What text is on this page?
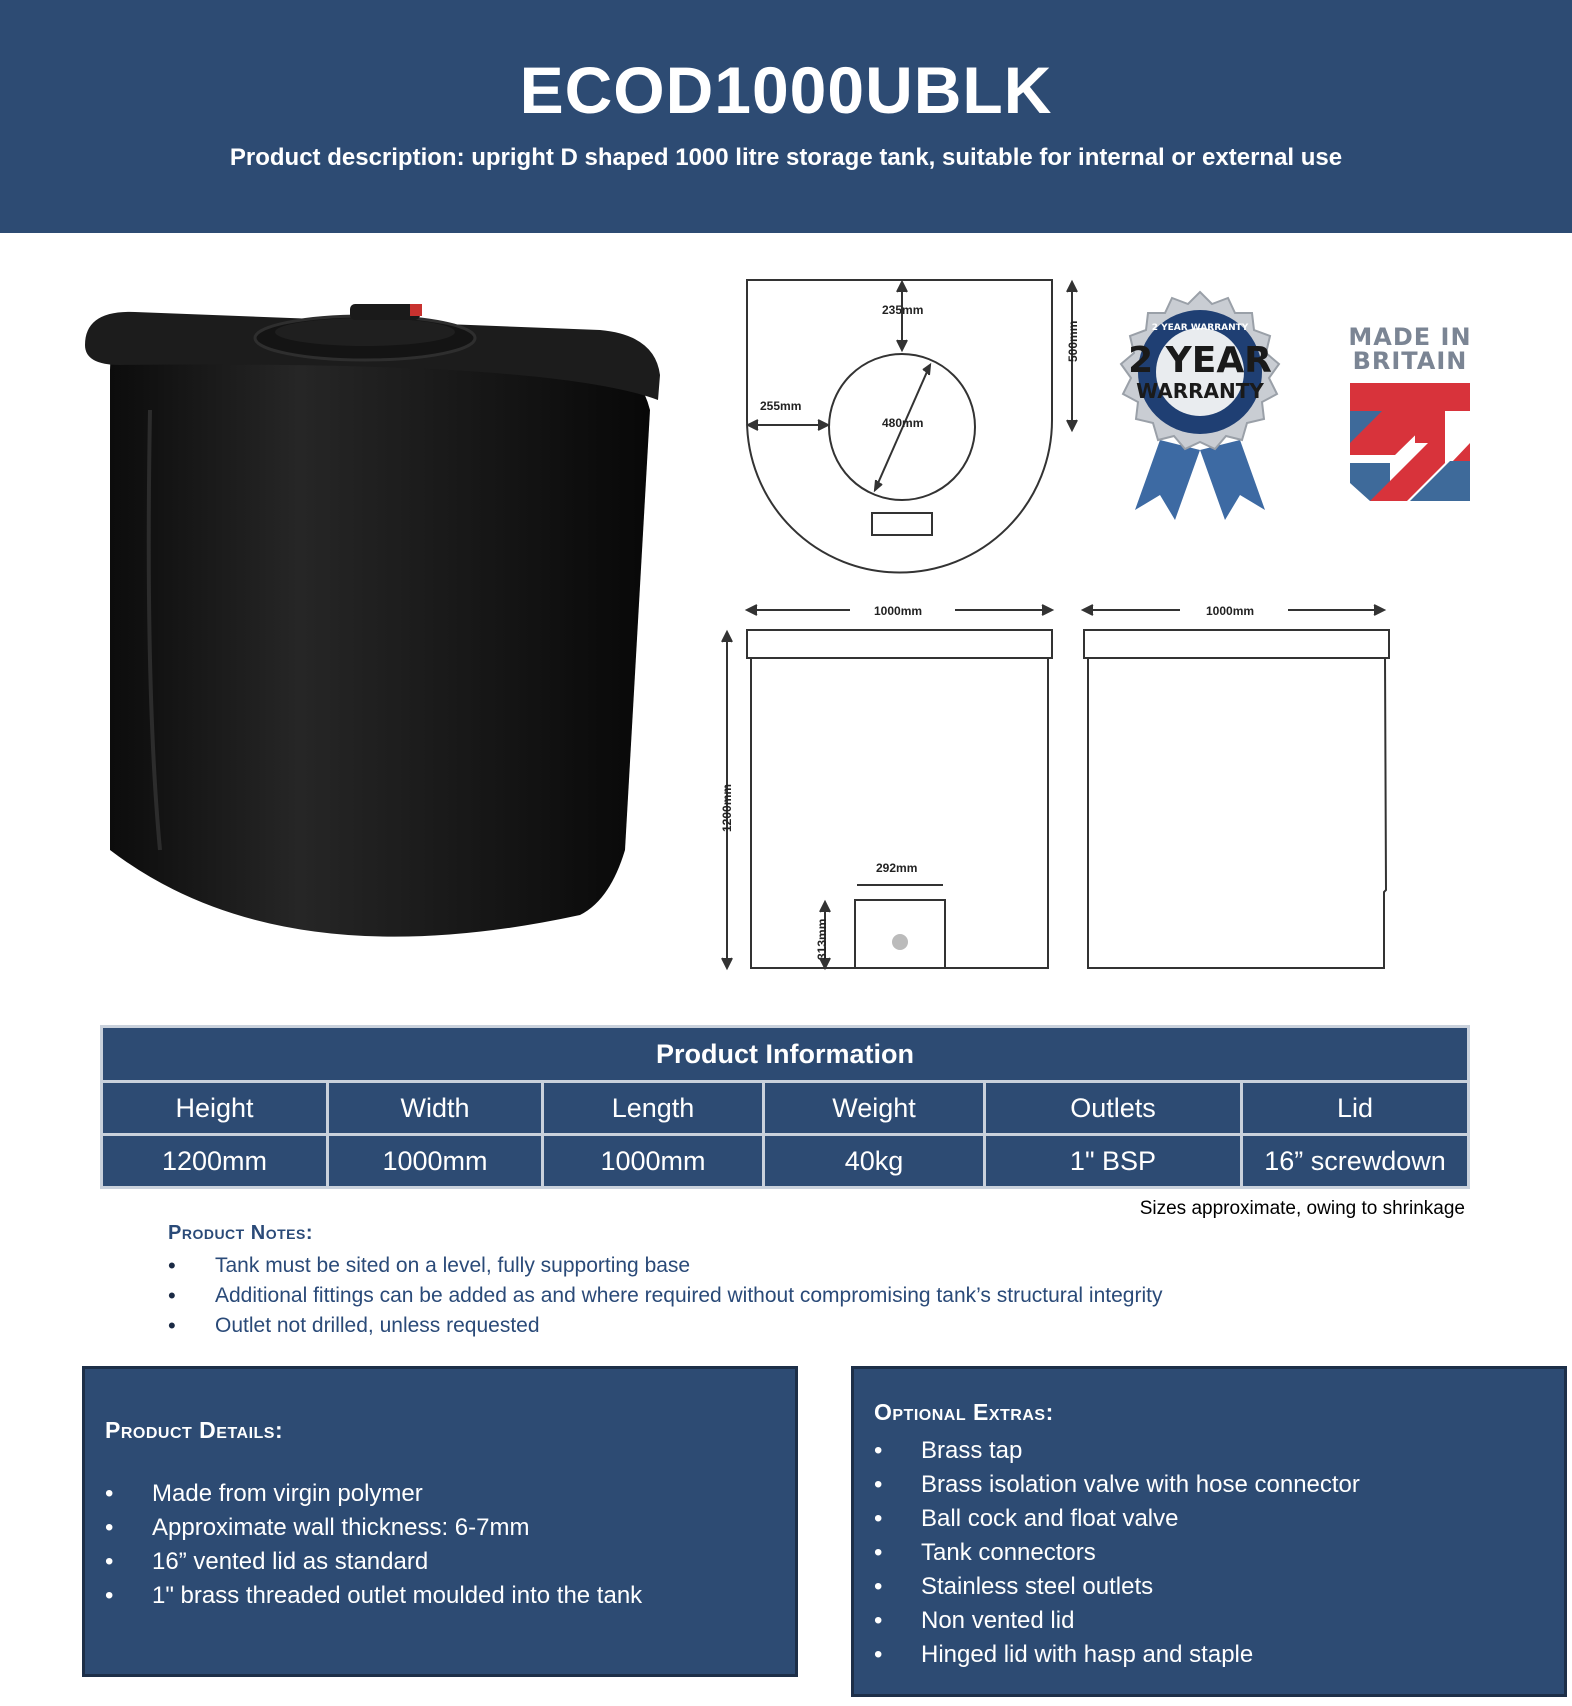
ECOD1000UBLK
Product description: upright D shaped 1000 litre storage tank, suitable for internal or external use
235mm
255mm
480mm
500mm
1000mm
292mm
313mm
1200mm
1000mm
2 YEAR
WARRANTY
2 YEAR WARRANTY	MADE IN
BRITAIN
Product Information					
Height	Width	Length	Weight	Outlets	Lid
1200mm	1000mm	1000mm	40kg	1" BSP	16” screwdown
Sizes approximate, owing to shrinkage
Product Notes:
• Tank must be sited on a level, fully supporting base
• Additional fittings can be added as and where required without compromising tank’s structural integrity
• Outlet not drilled, unless requested
Product Details:
• Made from virgin polymer
• Approximate wall thickness: 6-7mm
• 16” vented lid as standard
• 1" brass threaded outlet moulded into the tank
Optional Extras:
• Brass tap
• Brass isolation valve with hose connector
• Ball cock and float valve
• Tank connectors
• Stainless steel outlets
• Non vented lid
• Hinged lid with hasp and staple
